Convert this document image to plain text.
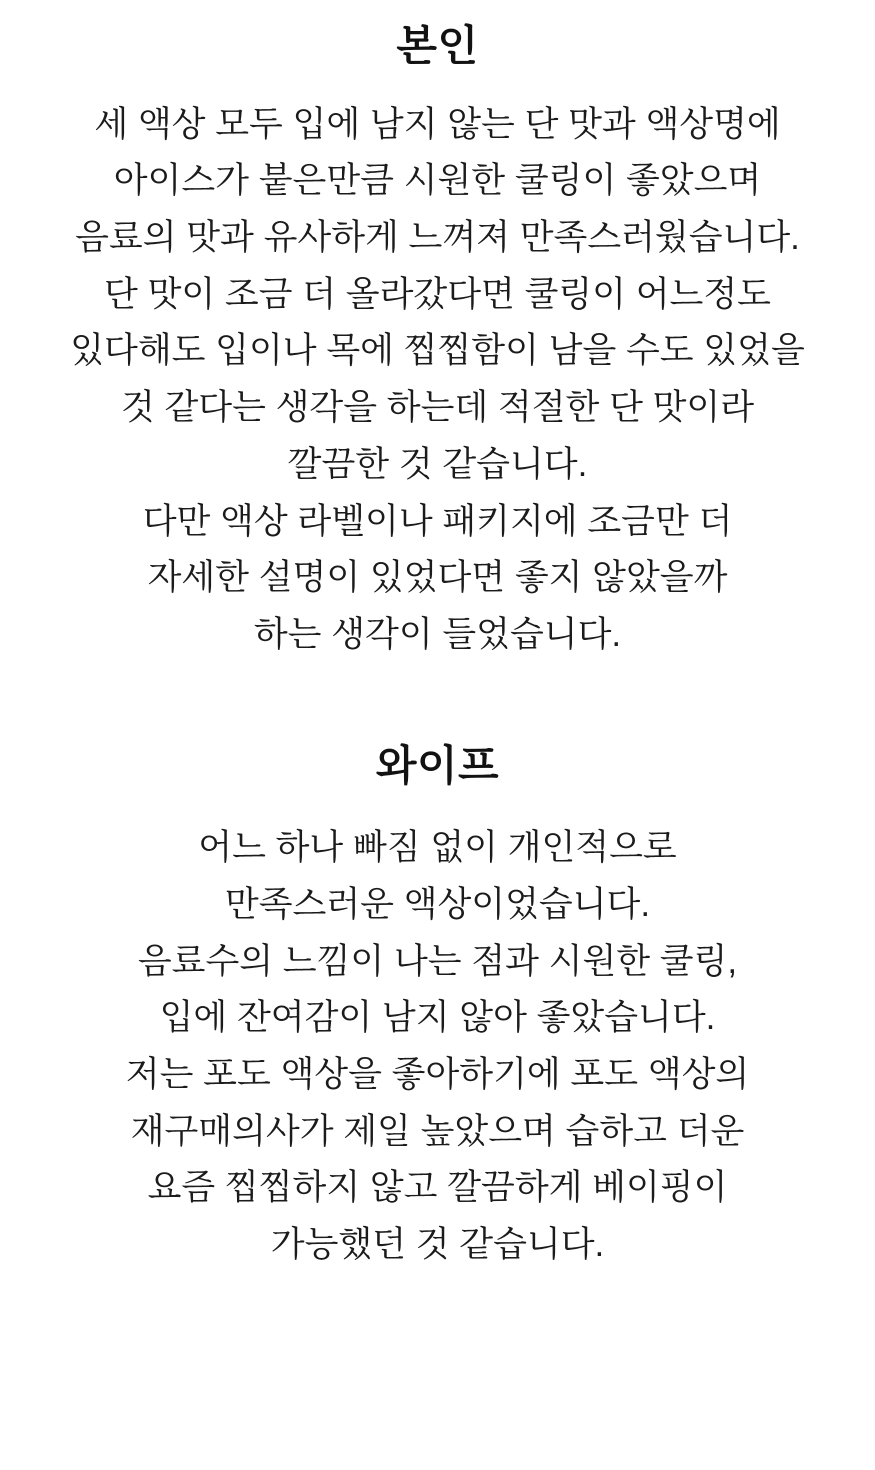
본인
세 액상 모두 입에 남지 않는 단 맛과 액상명에
아이스가 붙은만큼 시원한 쿨링이 좋았으며
음료의 맛과 유사하게 느껴져 만족스러웠습니다.
단 맛이 조금 더 올라갔다면 쿨링이 어느정도
있다해도 입이나 목에 찝찝함이 남을 수도 있었을
것 같다는 생각을 하는데 적절한 단 맛이라
깔끔한 것 같습니다.
다만 액상 라벨이나 패키지에 조금만 더
자세한 설명이 있었다면 좋지 않았을까
하는 생각이 들었습니다.
와이프
어느 하나 빠짐 없이 개인적으로
만족스러운 액상이었습니다.
음료수의 느낌이 나는 점과 시원한 쿨링,
입에 잔여감이 남지 않아 좋았습니다.
저는 포도 액상을 좋아하기에 포도 액상의
재구매의사가 제일 높았으며 습하고 더운
요즘 찝찝하지 않고 깔끔하게 베이핑이
가능했던 것 같습니다.
